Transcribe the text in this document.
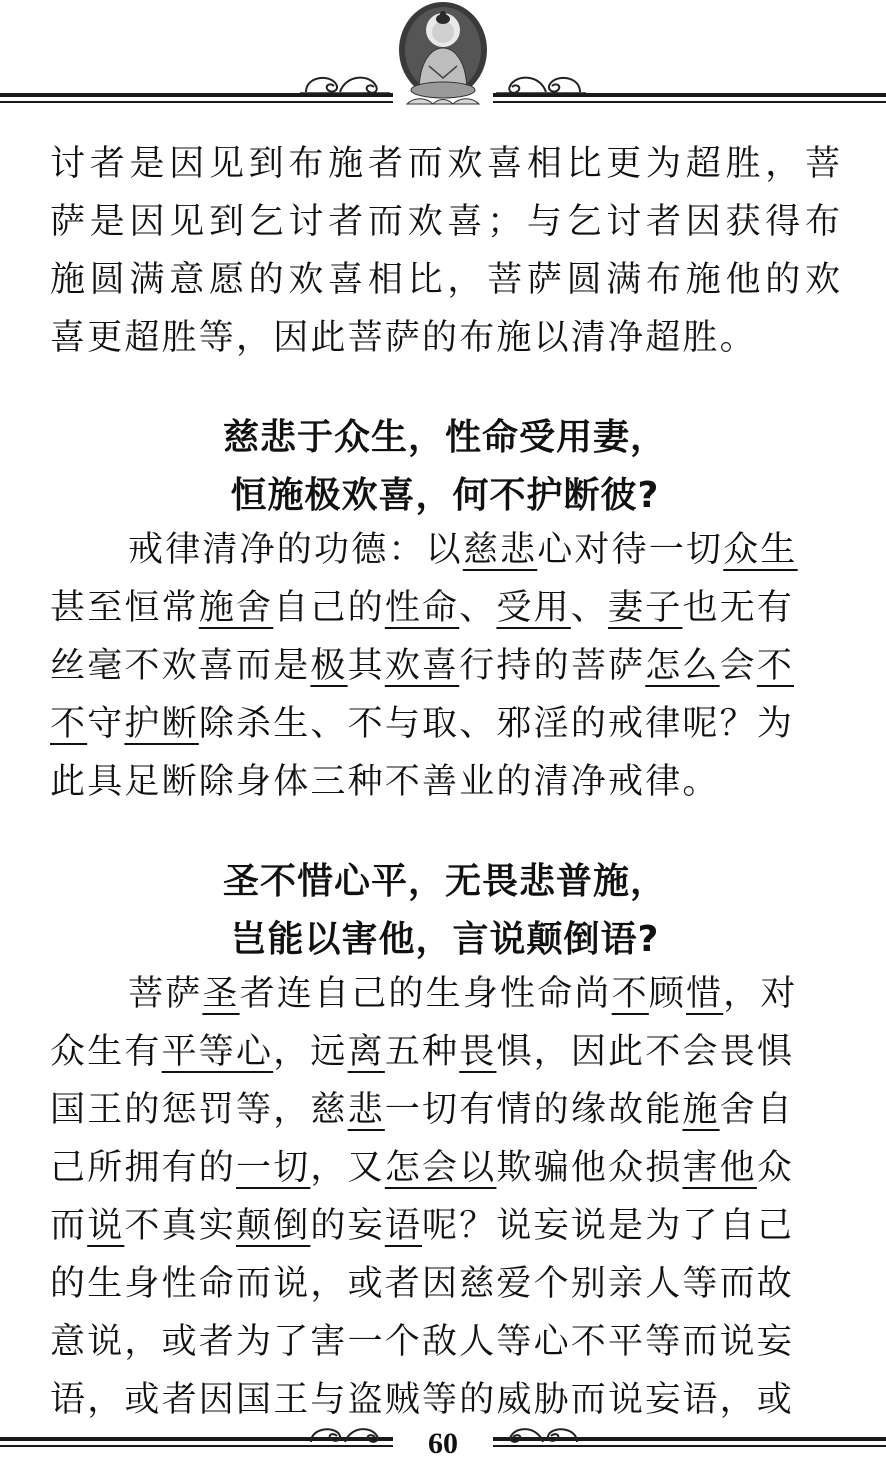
讨者是因见到布施者而欢喜相比更为超胜，菩
萨是因见到乞讨者而欢喜；与乞讨者因获得布
施圆满意愿的欢喜相比，菩萨圆满布施他的欢
喜更超胜等，因此菩萨的布施以清净超胜。
慈悲于众生，性命受用妻，
恒施极欢喜，何不护断彼?
戒律清净的功德：以慈悲心对待一切众生
甚至恒常施舍自己的性命、受用、妻子也无有
丝毫不欢喜而是极其欢喜行持的菩萨怎么会不
不守护断除杀生、不与取、邪淫的戒律呢？为
此具足断除身体三种不善业的清净戒律。
圣不惜心平，无畏悲普施，
岂能以害他，言说颠倒语?
菩萨圣者连自己的生身性命尚不顾惜，对
众生有平等心，远离五种畏惧，因此不会畏惧
国王的惩罚等，慈悲一切有情的缘故能施舍自
己所拥有的一切，又怎会以欺骗他众损害他众
而说不真实颠倒的妄语呢？说妄说是为了自己
的生身性命而说，或者因慈爱个别亲人等而故
意说，或者为了害一个敌人等心不平等而说妄
语，或者因国王与盗贼等的威胁而说妄语，或
60
